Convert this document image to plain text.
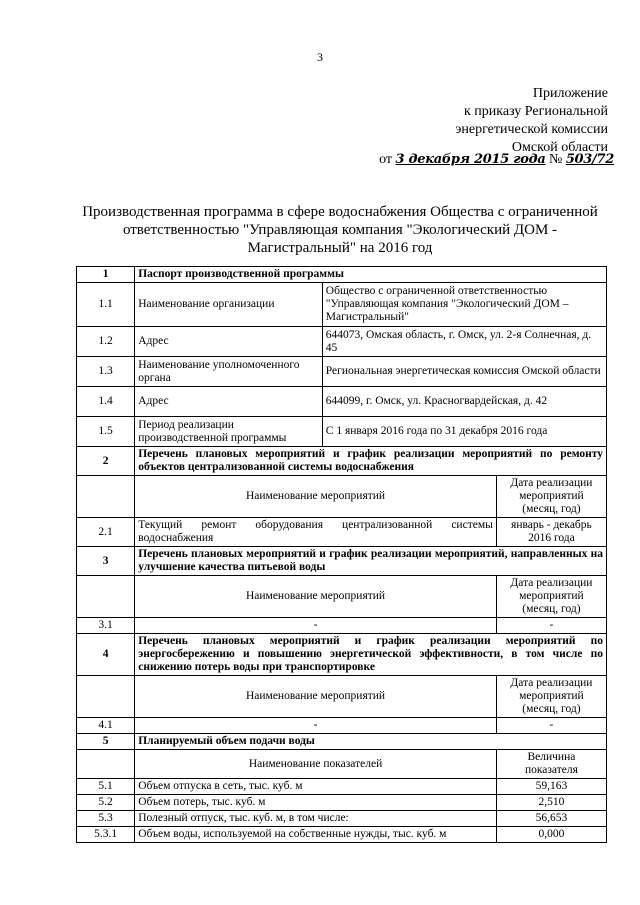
3
Приложение
к приказу Региональной
энергетической комиссии
Омской области
от 3 декабря 2015 года № 503/72
Производственная программа в сфере водоснабжения Общества с ограниченной ответственностью "Управляющая компания "Экологический ДОМ - Магистральный" на 2016 год
1	Паспорт производственной программы		
1.1	Наименование организации	Общество с ограниченной ответственностью "Управляющая компания "Экологический ДОМ – Магистральный"	
1.2	Адрес	644073, Омская область, г. Омск, ул. 2-я Солнечная, д. 45	
1.3	Наименование уполномоченного органа	Региональная энергетическая комиссия Омской области	
1.4	Адрес	644099, г. Омск, ул. Красногвардейская, д. 42	
1.5	Период реализации производственной программы	С 1 января 2016 года по 31 декабря 2016 года	
2	Перечень плановых мероприятий и график реализации мероприятий по ремонту объектов централизованной системы водоснабжения		
	Наименование мероприятий		Дата реализации мероприятий (месяц, год)
2.1	Текущий ремонт оборудования централизованной системы водоснабжения		январь - декабрь 2016 года
3	Перечень плановых мероприятий и график реализации мероприятий, направленных на улучшение качества питьевой воды		
	Наименование мероприятий		Дата реализации мероприятий (месяц, год)
3.1	-		-
4	Перечень плановых мероприятий и график реализации мероприятий по энергосбережению и повышению энергетической эффективности, в том числе по снижению потерь воды при транспортировке		
	Наименование мероприятий		Дата реализации мероприятий (месяц, год)
4.1	-		-
5	Планируемый объем подачи воды		
	Наименование показателей		Величина показателя
5.1	Объем отпуска в сеть, тыс. куб. м		59,163
5.2	Объем потерь, тыс. куб. м		2,510
5.3	Полезный отпуск, тыс. куб. м, в том числе:		56,653
5.3.1	Объем воды, используемой на собственные нужды, тыс. куб. м		0,000
